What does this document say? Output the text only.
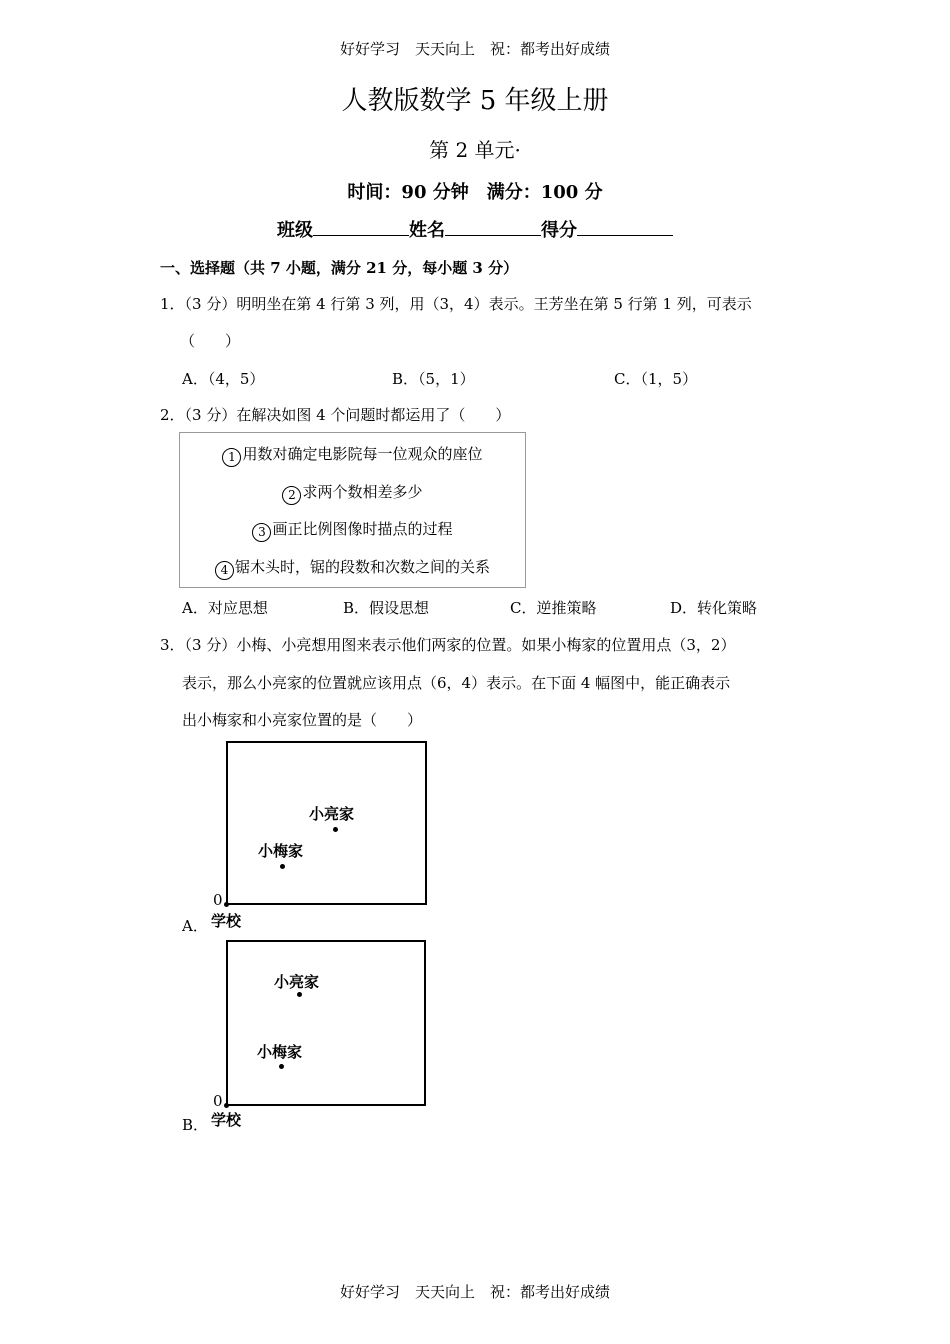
好好学习　天天向上　祝：都考出好成绩
人教版数学 5 年级上册
第 2 单元·
时间：90 分钟　满分：100 分
班级	姓名	得分
一、选择题（共 7 小题，满分 21 分，每小题 3 分）
1．（3 分）明明坐在第 4 行第 3 列，用（3，4）表示。王芳坐在第 5 行第 1 列，可表示
（　　）
A．（4，5）	B．（5，1）	C．（1，5）
2．（3 分）在解决如图 4 个问题时都运用了（　　）
1 用数对确定电影院每一位观众的座位
2 求两个数相差多少
3 画正比例图像时描点的过程
4 锯木头时，锯的段数和次数之间的关系
A．对应思想	B．假设思想	C．逆推策略	D．转化策略
3．（3 分）小梅、小亮想用图来表示他们两家的位置。如果小梅家的位置用点（3，2）
表示，那么小亮家的位置就应该用点（6，4）表示。在下面 4 幅图中，能正确表示
出小梅家和小亮家位置的是（　　）
小亮家
小梅家
0
学校
A．
小亮家
小梅家
0
学校
B．
好好学习　天天向上　祝：都考出好成绩
